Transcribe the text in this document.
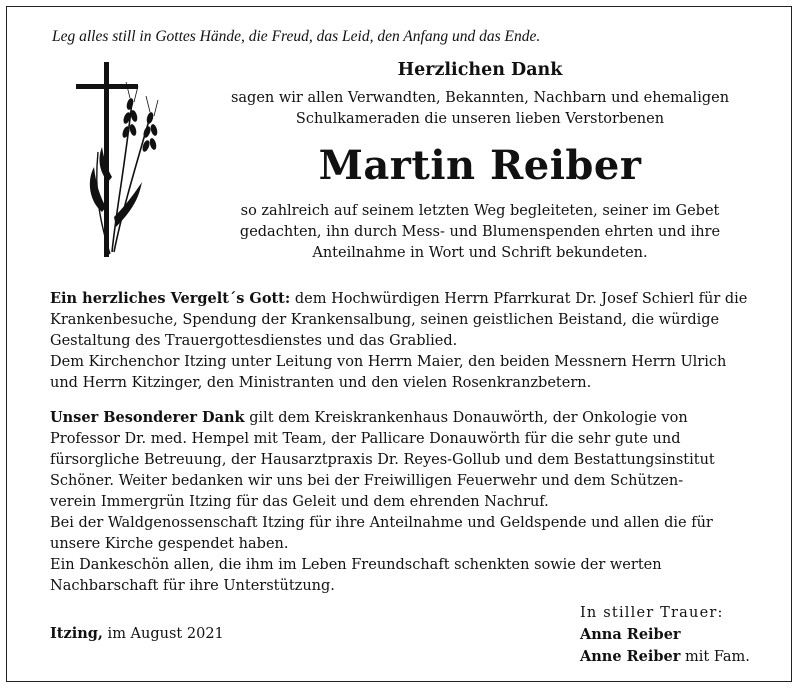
Leg alles still in Gottes Hände, die Freud, das Leid, den Anfang und das Ende.
Herzlichen Dank
sagen wir allen Verwandten, Bekannten, Nachbarn und ehemaligen
Schulkameraden die unseren lieben Verstorbenen
Martin Reiber
so zahlreich auf seinem letzten Weg begleiteten, seiner im Gebet
gedachten, ihn durch Mess- und Blumenspenden ehrten und ihre
Anteilnahme in Wort und Schrift bekundeten.
Ein herzliches Vergelt´s Gott: dem Hochwürdigen Herrn Pfarrkurat Dr. Josef Schierl für die
Krankenbesuche, Spendung der Krankensalbung, seinen geistlichen Beistand, die würdige
Gestaltung des Trauergottesdienstes und das Grablied.
Dem Kirchenchor Itzing unter Leitung von Herrn Maier, den beiden Messnern Herrn Ulrich
und Herrn Kitzinger, den Ministranten und den vielen Rosenkranzbetern.
Unser Besonderer Dank gilt dem Kreiskrankenhaus Donauwörth, der Onkologie von
Professor Dr. med. Hempel mit Team, der Pallicare Donauwörth für die sehr gute und
fürsorgliche Betreuung, der Hausarztpraxis Dr. Reyes-Gollub und dem Bestattungsinstitut
Schöner. Weiter bedanken wir uns bei der Freiwilligen Feuerwehr und dem Schützen-
verein Immergrün Itzing für das Geleit und dem ehrenden Nachruf.
Bei der Waldgenossenschaft Itzing für ihre Anteilnahme und Geldspende und allen die für
unsere Kirche gespendet haben.
Ein Dankeschön allen, die ihm im Leben Freundschaft schenkten sowie der werten
Nachbarschaft für ihre Unterstützung.
Itzing, im August 2021
In stiller Trauer:
Anna Reiber
Anne Reiber mit Fam.
